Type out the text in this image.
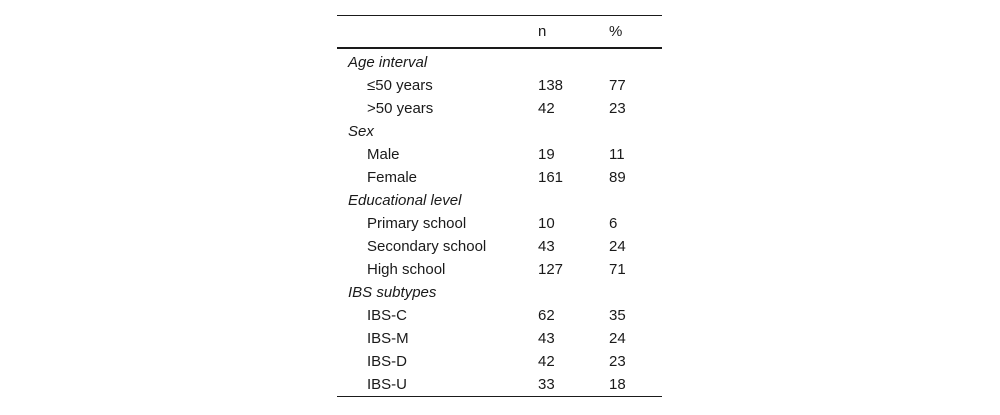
	n	%
Age interval		
≤50 years	138	77
>50 years	42	23
Sex		
Male	19	11
Female	161	89
Educational level		
Primary school	10	6
Secondary school	43	24
High school	127	71
IBS subtypes		
IBS-C	62	35
IBS-M	43	24
IBS-D	42	23
IBS-U	33	18
